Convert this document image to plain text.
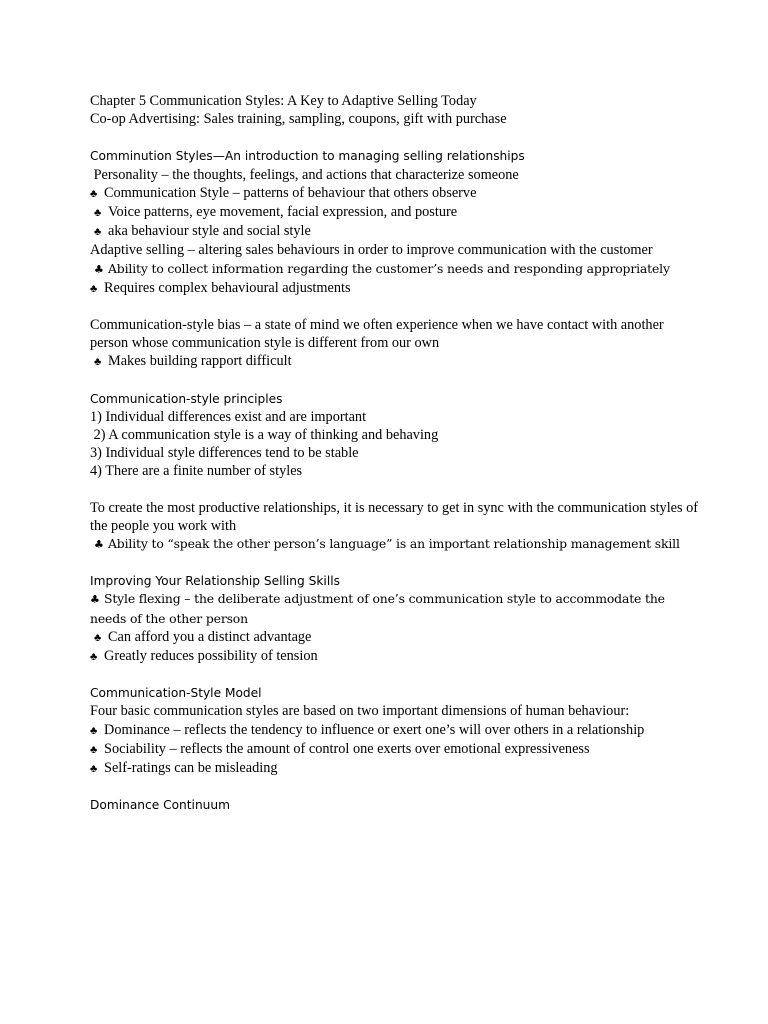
Chapter 5 Communication Styles: A Key to Adaptive Selling Today
Co-op Advertising: Sales training, sampling, coupons, gift with purchase
Comminution Styles—An introduction to managing selling relationships
Personality – the thoughts, feelings, and actions that characterize someone
♣ Communication Style – patterns of behaviour that others observe
♣ Voice patterns, eye movement, facial expression, and posture
♣ aka behaviour style and social style
Adaptive selling – altering sales behaviours in order to improve communication with the customer
♣ Ability to collect information regarding the customer’s needs and responding appropriately
♣ Requires complex behavioural adjustments
Communication-style bias – a state of mind we often experience when we have contact with another person whose communication style is different from our own
♣ Makes building rapport difficult
Communication-style principles
1) Individual differences exist and are important
2) A communication style is a way of thinking and behaving
3) Individual style differences tend to be stable
4) There are a finite number of styles
To create the most productive relationships, it is necessary to get in sync with the communication styles of the people you work with
♣ Ability to “speak the other person’s language” is an important relationship management skill
Improving Your Relationship Selling Skills
♣ Style flexing – the deliberate adjustment of one’s communication style to accommodate the needs of the other person
♣ Can afford you a distinct advantage
♣ Greatly reduces possibility of tension
Communication-Style Model
Four basic communication styles are based on two important dimensions of human behaviour:
♣ Dominance – reflects the tendency to influence or exert one’s will over others in a relationship
♣ Sociability – reflects the amount of control one exerts over emotional expressiveness
♣ Self-ratings can be misleading
Dominance Continuum
